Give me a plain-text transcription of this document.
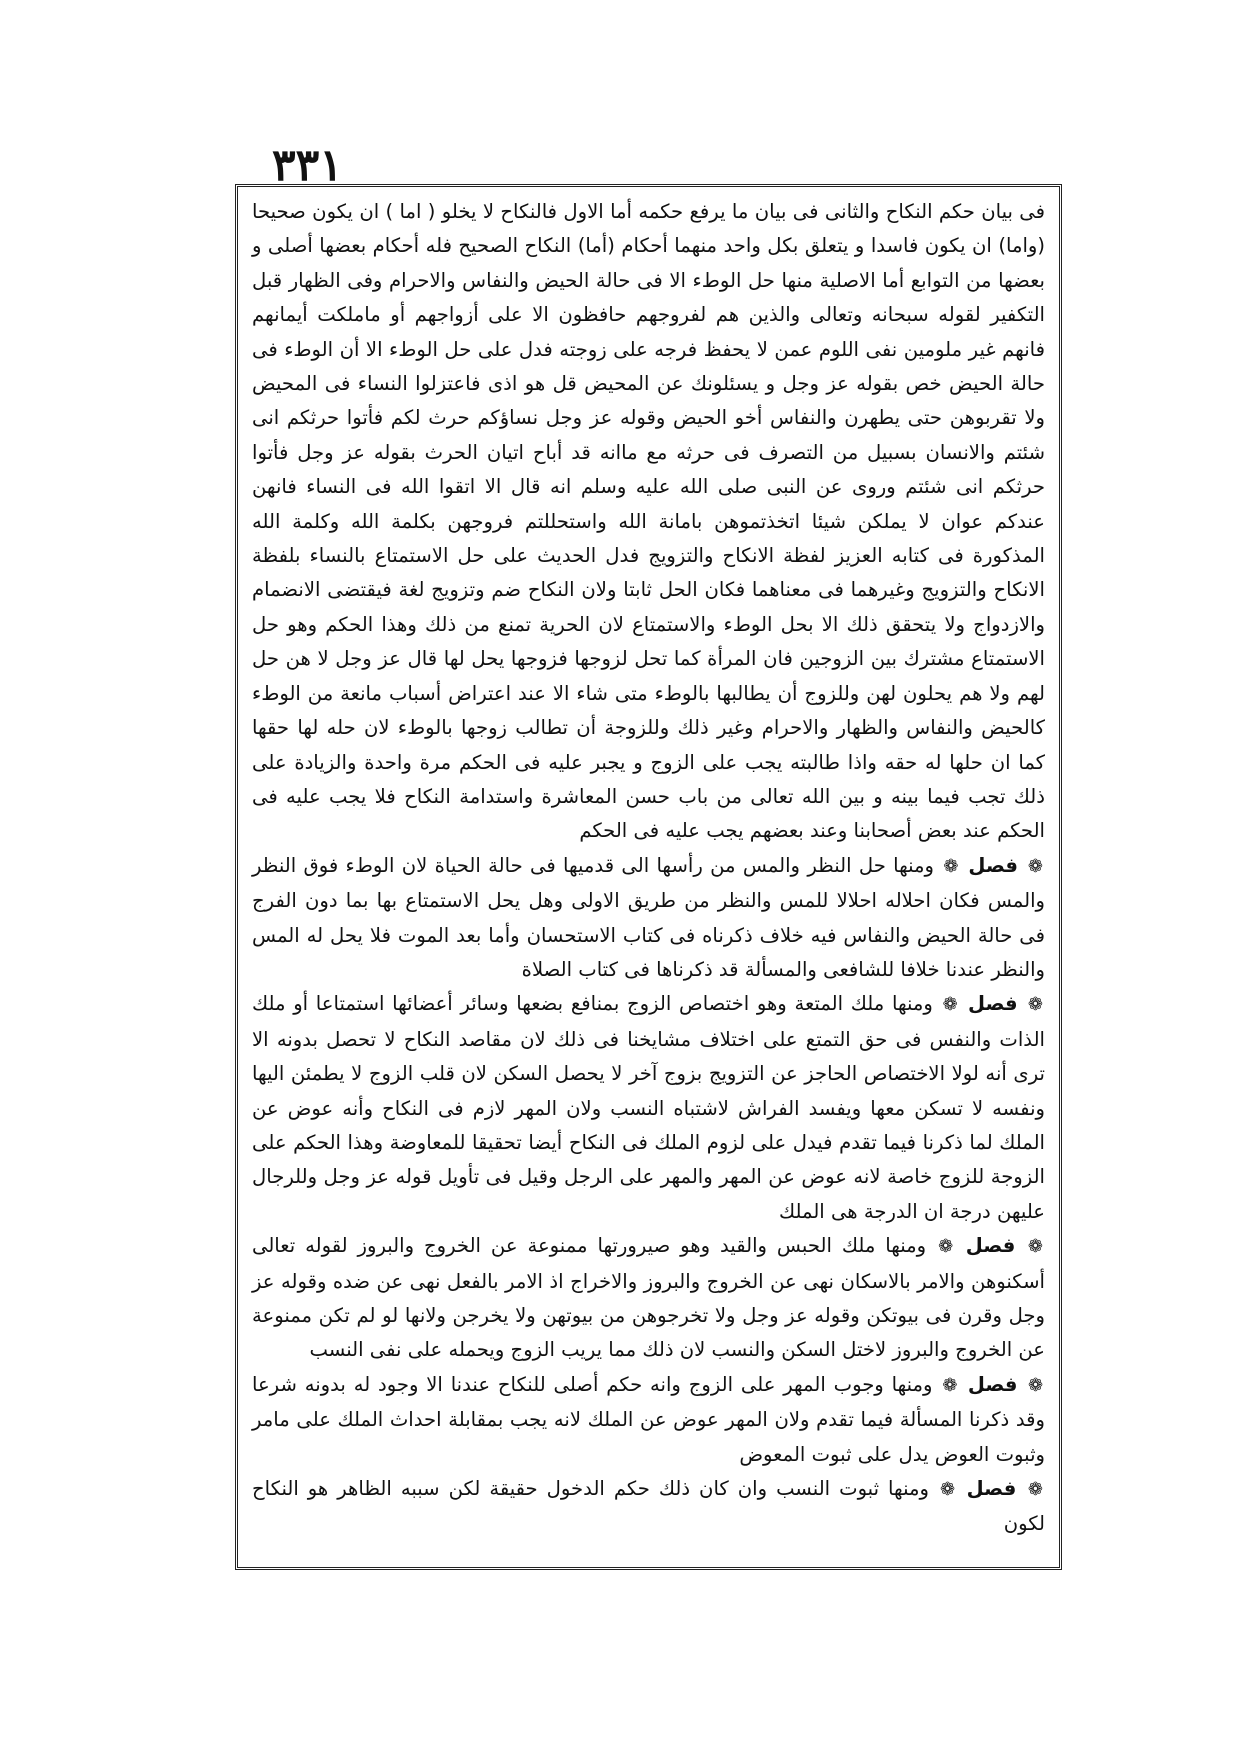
٣٣١

فى بيان حكم النكاح والثانى فى بيان ما يرفع حكمه أما الاول فالنكاح لا يخلو ( اما ) ان يكون صحيحا (واما) ان يكون فاسدا و يتعلق بكل واحد منهما أحكام (أما) النكاح الصحيح فله أحكام بعضها أصلى و بعضها من التوابع أما الاصلية منها حل الوطء الا فى حالة الحيض والنفاس والاحرام وفى الظهار قبل التكفير لقوله سبحانه وتعالى والذين هم لفروجهم حافظون الا على أزواجهم أو ماملكت أيمانهم فانهم غير ملومين نفى اللوم عمن لا يحفظ فرجه على زوجته فدل على حل الوطء الا أن الوطء فى حالة الحيض خص بقوله عز وجل و يسئلونك عن المحيض قل هو اذى فاعتزلوا النساء فى المحيض ولا تقربوهن حتى يطهرن والنفاس أخو الحيض وقوله عز وجل نساؤكم حرث لكم فأتوا حرثكم انى شئتم والانسان بسبيل من التصرف فى حرثه مع ماانه قد أباح اتيان الحرث بقوله عز وجل فأتوا حرثكم انى شئتم وروى عن النبى صلى الله عليه وسلم انه قال الا اتقوا الله فى النساء فانهن عندكم عوان لا يملكن شيئا اتخذتموهن بامانة الله واستحللتم فروجهن بكلمة الله وكلمة الله المذكورة فى كتابه العزيز لفظة الانكاح والتزويج فدل الحديث على حل الاستمتاع بالنساء بلفظة الانكاح والتزويج وغيرهما فى معناهما فكان الحل ثابتا ولان النكاح ضم وتزويج لغة فيقتضى الانضمام والازدواج ولا يتحقق ذلك الا بحل الوطء والاستمتاع لان الحرية تمنع من ذلك وهذا الحكم وهو حل الاستمتاع مشترك بين الزوجين فان المرأة كما تحل لزوجها فزوجها يحل لها قال عز وجل لا هن حل لهم ولا هم يحلون لهن وللزوج أن يطالبها بالوطء متى شاء الا عند اعتراض أسباب مانعة من الوطء كالحيض والنفاس والظهار والاحرام وغير ذلك وللزوجة أن تطالب زوجها بالوطء لان حله لها حقها كما ان حلها له حقه واذا طالبته يجب على الزوج و يجبر عليه فى الحكم مرة واحدة والزيادة على ذلك تجب فيما بينه و بين الله تعالى من باب حسن المعاشرة واستدامة النكاح فلا يجب عليه فى الحكم عند بعض أصحابنا وعند بعضهم يجب عليه فى الحكم

❁ فصل ❁ ومنها حل النظر والمس من رأسها الى قدميها فى حالة الحياة لان الوطء فوق النظر والمس فكان احلاله احلالا للمس والنظر من طريق الاولى وهل يحل الاستمتاع بها بما دون الفرج فى حالة الحيض والنفاس فيه خلاف ذكرناه فى كتاب الاستحسان وأما بعد الموت فلا يحل له المس والنظر عندنا خلافا للشافعى والمسألة قد ذكرناها فى كتاب الصلاة

❁ فصل ❁ ومنها ملك المتعة وهو اختصاص الزوج بمنافع بضعها وسائر أعضائها استمتاعا أو ملك الذات والنفس فى حق التمتع على اختلاف مشايخنا فى ذلك لان مقاصد النكاح لا تحصل بدونه الا ترى أنه لولا الاختصاص الحاجز عن التزويج بزوج آخر لا يحصل السكن لان قلب الزوج لا يطمئن اليها ونفسه لا تسكن معها ويفسد الفراش لاشتباه النسب ولان المهر لازم فى النكاح وأنه عوض عن الملك لما ذكرنا فيما تقدم فيدل على لزوم الملك فى النكاح أيضا تحقيقا للمعاوضة وهذا الحكم على الزوجة للزوج خاصة لانه عوض عن المهر والمهر على الرجل وقيل فى تأويل قوله عز وجل وللرجال عليهن درجة ان الدرجة هى الملك

❁ فصل ❁ ومنها ملك الحبس والقيد وهو صيرورتها ممنوعة عن الخروج والبروز لقوله تعالى أسكنوهن والامر بالاسكان نهى عن الخروج والبروز والاخراج اذ الامر بالفعل نهى عن ضده وقوله عز وجل وقرن فى بيوتكن وقوله عز وجل ولا تخرجوهن من بيوتهن ولا يخرجن ولانها لو لم تكن ممنوعة عن الخروج والبروز لاختل السكن والنسب لان ذلك مما يريب الزوج ويحمله على نفى النسب

❁ فصل ❁ ومنها وجوب المهر على الزوج وانه حكم أصلى للنكاح عندنا الا وجود له بدونه شرعا وقد ذكرنا المسألة فيما تقدم ولان المهر عوض عن الملك لانه يجب بمقابلة احداث الملك على مامر وثبوت العوض يدل على ثبوت المعوض

❁ فصل ❁ ومنها ثبوت النسب وان كان ذلك حكم الدخول حقيقة لكن سببه الظاهر هو النكاح لكون
